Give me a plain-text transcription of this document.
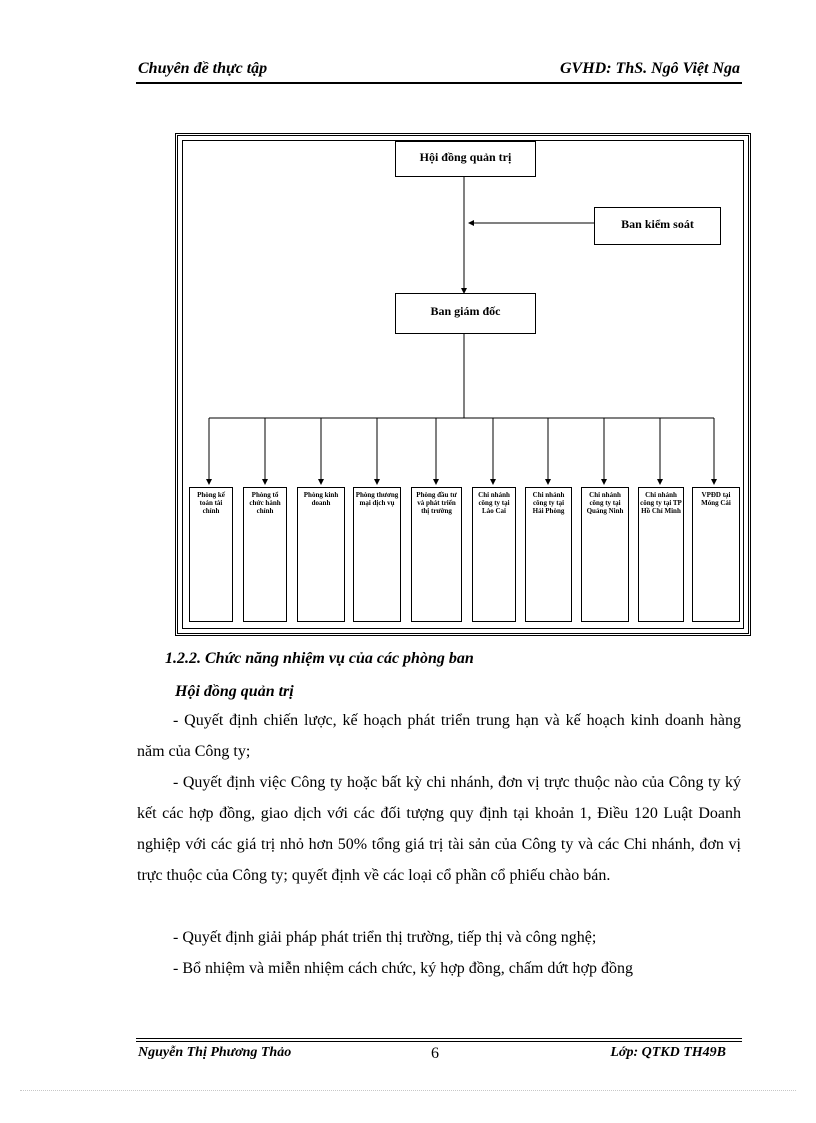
Chuyên đề thực tập	GVHD: ThS. Ngô Việt Nga
Hội đồng quản trị
Ban kiểm soát
Ban giám đốc
Phòng kế toán tài chính
Phòng tổ chức hành chính
Phòng kinh doanh
Phòng thương mại dịch vụ
Phòng đầu tư và phát triển thị trường
Chi nhánh công ty tại Lào Cai
Chi nhánh công ty tại Hải Phòng
Chi nhánh công ty tại Quảng Ninh
Chi nhánh công ty tại TP Hồ Chí Minh
VPĐD tại Móng Cái
1.2.2. Chức năng nhiệm vụ của các phòng ban
Hội đồng quản trị
- Quyết định chiến lược, kế hoạch phát triển trung hạn và kế hoạch kinh doanh hàng năm của Công ty;
- Quyết định việc Công ty hoặc bất kỳ chi nhánh, đơn vị trực thuộc nào của Công ty ký kết các hợp đồng, giao dịch với các đối tượng quy định tại khoản 1, Điều 120 Luật Doanh nghiệp với các giá trị nhỏ hơn 50% tổng giá trị tài sản của Công ty và các Chi nhánh, đơn vị trực thuộc của Công ty; quyết định về các loại cổ phần cổ phiếu chào bán.
- Quyết định giải pháp phát triển thị trường, tiếp thị và công nghệ;
- Bổ nhiệm và miễn nhiệm cách chức, ký hợp đồng, chấm dứt hợp đồng
Nguyễn Thị Phương Thảo	6	Lớp: QTKD TH49B
